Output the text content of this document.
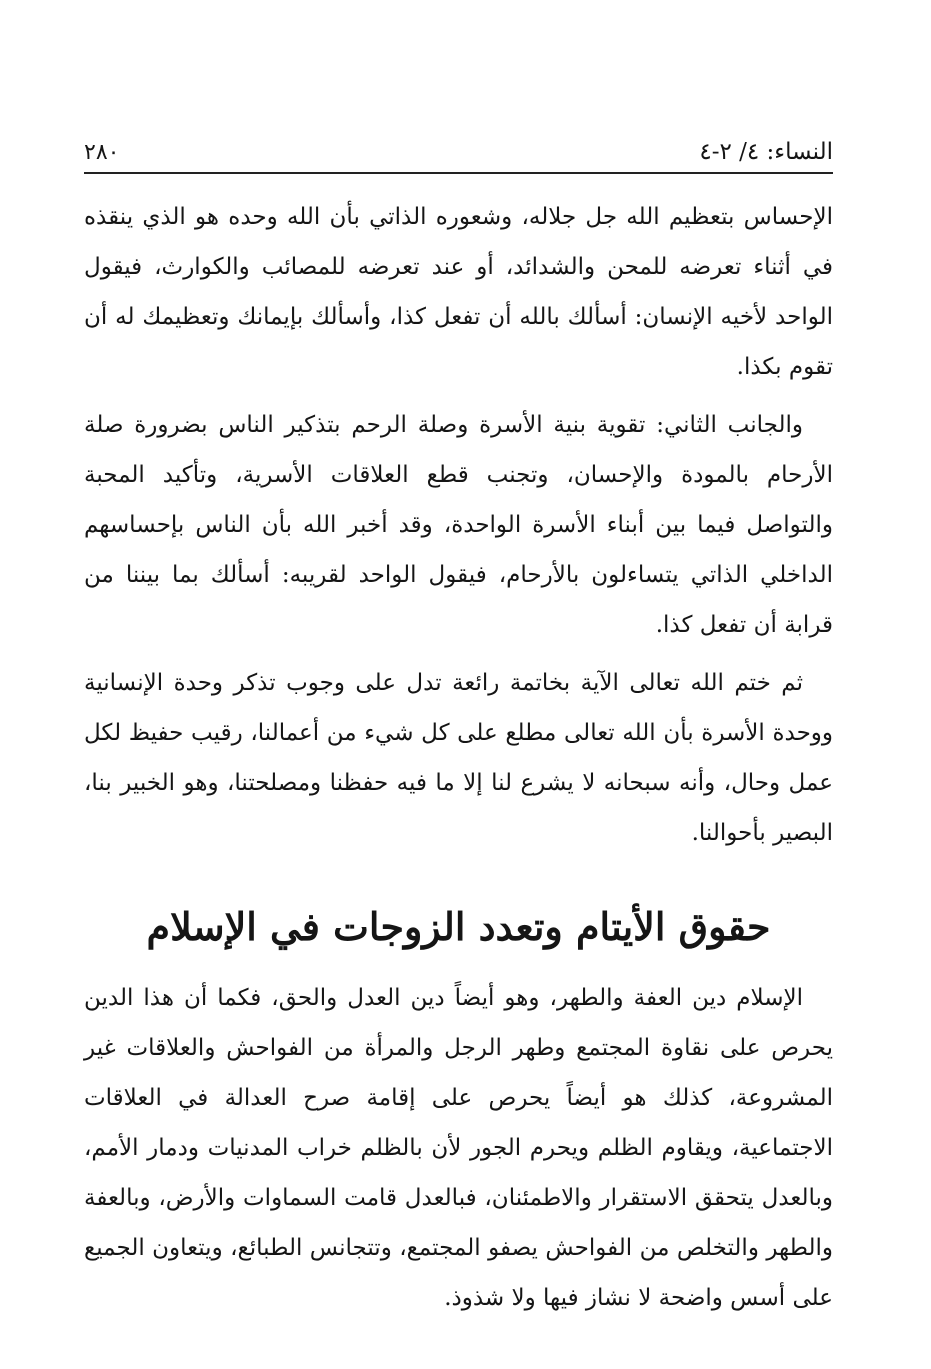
النساء: ٤/ ٢-٤
٢٨٠

الإحساس بتعظيم الله جل جلاله، وشعوره الذاتي بأن الله وحده هو الذي ينقذه في أثناء تعرضه للمحن والشدائد، أو عند تعرضه للمصائب والكوارث، فيقول الواحد لأخيه الإنسان: أسألك بالله أن تفعل كذا، وأسألك بإيمانك وتعظيمك له أن تقوم بكذا.

والجانب الثاني: تقوية بنية الأسرة وصلة الرحم بتذكير الناس بضرورة صلة الأرحام بالمودة والإحسان، وتجنب قطع العلاقات الأسرية، وتأكيد المحبة والتواصل فيما بين أبناء الأسرة الواحدة، وقد أخبر الله بأن الناس بإحساسهم الداخلي الذاتي يتساءلون بالأرحام، فيقول الواحد لقريبه: أسألك بما بيننا من قرابة أن تفعل كذا.

ثم ختم الله تعالى الآية بخاتمة رائعة تدل على وجوب تذكر وحدة الإنسانية ووحدة الأسرة بأن الله تعالى مطلع على كل شيء من أعمالنا، رقيب حفيظ لكل عمل وحال، وأنه سبحانه لا يشرع لنا إلا ما فيه حفظنا ومصلحتنا، وهو الخبير بنا، البصير بأحوالنا.

حقوق الأيتام وتعدد الزوجات في الإسلام

الإسلام دين العفة والطهر، وهو أيضاً دين العدل والحق، فكما أن هذا الدين يحرص على نقاوة المجتمع وطهر الرجل والمرأة من الفواحش والعلاقات غير المشروعة، كذلك هو أيضاً يحرص على إقامة صرح العدالة في العلاقات الاجتماعية، ويقاوم الظلم ويحرم الجور لأن بالظلم خراب المدنيات ودمار الأمم، وبالعدل يتحقق الاستقرار والاطمئنان، فبالعدل قامت السماوات والأرض، وبالعفة والطهر والتخلص من الفواحش يصفو المجتمع، وتتجانس الطبائع، ويتعاون الجميع على أسس واضحة لا نشاز فيها ولا شذوذ.
